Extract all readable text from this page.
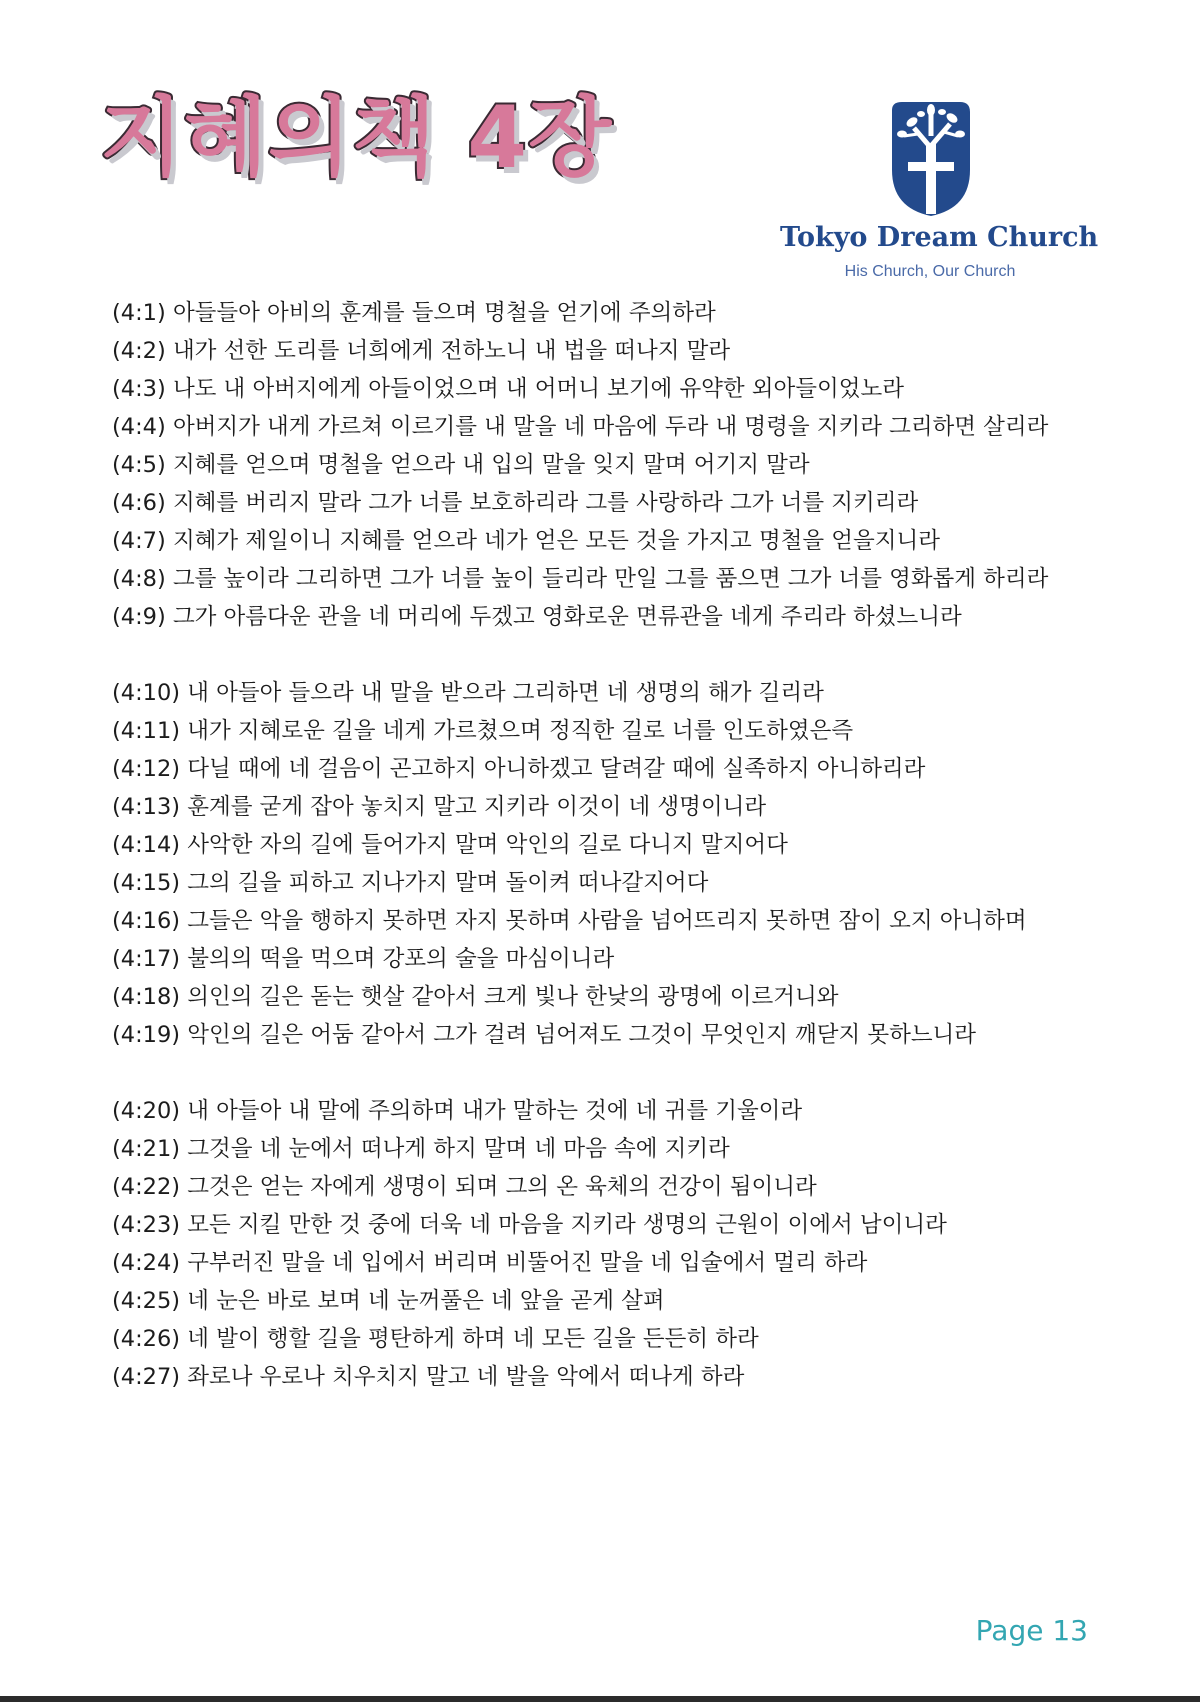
지혜의책 4장
Tokyo Dream Church
His Church, Our Church
(4:1) 아들들아 아비의 훈계를 들으며 명철을 얻기에 주의하라
(4:2) 내가 선한 도리를 너희에게 전하노니 내 법을 떠나지 말라
(4:3) 나도 내 아버지에게 아들이었으며 내 어머니 보기에 유약한 외아들이었노라
(4:4) 아버지가 내게 가르쳐 이르기를 내 말을 네 마음에 두라 내 명령을 지키라 그리하면 살리라
(4:5) 지혜를 얻으며 명철을 얻으라 내 입의 말을 잊지 말며 어기지 말라
(4:6) 지혜를 버리지 말라 그가 너를 보호하리라 그를 사랑하라 그가 너를 지키리라
(4:7) 지혜가 제일이니 지혜를 얻으라 네가 얻은 모든 것을 가지고 명철을 얻을지니라
(4:8) 그를 높이라 그리하면 그가 너를 높이 들리라 만일 그를 품으면 그가 너를 영화롭게 하리라
(4:9) 그가 아름다운 관을 네 머리에 두겠고 영화로운 면류관을 네게 주리라 하셨느니라
(4:10) 내 아들아 들으라 내 말을 받으라 그리하면 네 생명의 해가 길리라
(4:11) 내가 지혜로운 길을 네게 가르쳤으며 정직한 길로 너를 인도하였은즉
(4:12) 다닐 때에 네 걸음이 곤고하지 아니하겠고 달려갈 때에 실족하지 아니하리라
(4:13) 훈계를 굳게 잡아 놓치지 말고 지키라 이것이 네 생명이니라
(4:14) 사악한 자의 길에 들어가지 말며 악인의 길로 다니지 말지어다
(4:15) 그의 길을 피하고 지나가지 말며 돌이켜 떠나갈지어다
(4:16) 그들은 악을 행하지 못하면 자지 못하며 사람을 넘어뜨리지 못하면 잠이 오지 아니하며
(4:17) 불의의 떡을 먹으며 강포의 술을 마심이니라
(4:18) 의인의 길은 돋는 햇살 같아서 크게 빛나 한낮의 광명에 이르거니와
(4:19) 악인의 길은 어둠 같아서 그가 걸려 넘어져도 그것이 무엇인지 깨닫지 못하느니라
(4:20) 내 아들아 내 말에 주의하며 내가 말하는 것에 네 귀를 기울이라
(4:21) 그것을 네 눈에서 떠나게 하지 말며 네 마음 속에 지키라
(4:22) 그것은 얻는 자에게 생명이 되며 그의 온 육체의 건강이 됨이니라
(4:23) 모든 지킬 만한 것 중에 더욱 네 마음을 지키라 생명의 근원이 이에서 남이니라
(4:24) 구부러진 말을 네 입에서 버리며 비뚤어진 말을 네 입술에서 멀리 하라
(4:25) 네 눈은 바로 보며 네 눈꺼풀은 네 앞을 곧게 살펴
(4:26) 네 발이 행할 길을 평탄하게 하며 네 모든 길을 든든히 하라
(4:27) 좌로나 우로나 치우치지 말고 네 발을 악에서 떠나게 하라
Page 13
